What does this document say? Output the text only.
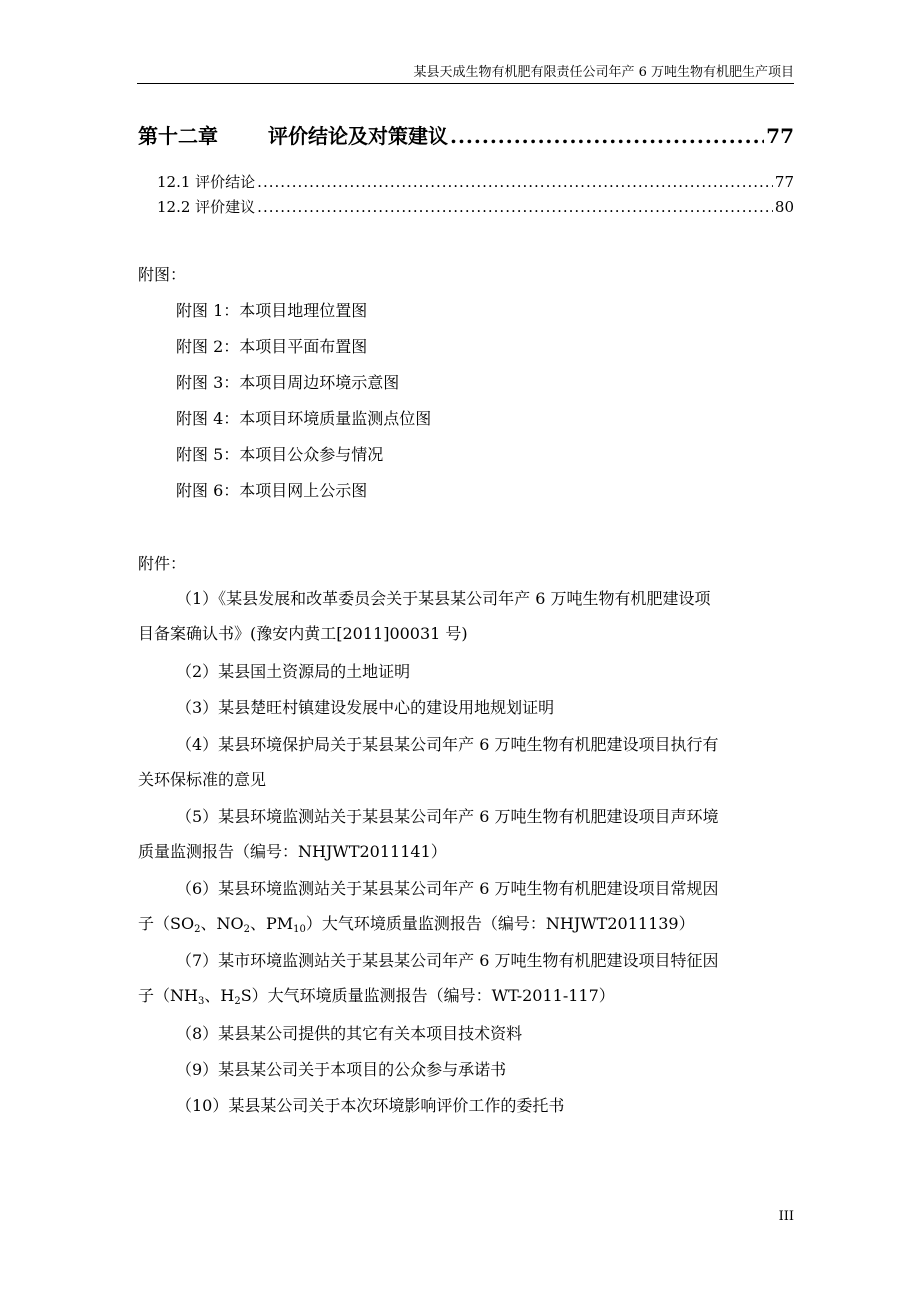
某县天成生物有机肥有限责任公司年产 6 万吨生物有机肥生产项目
第十二章	评价结论及对策建议 .....	77
12.1 评价结论 .....	77
12.2 评价建议 .....	80
附图：
附图 1：本项目地理位置图
附图 2：本项目平面布置图
附图 3：本项目周边环境示意图
附图 4：本项目环境质量监测点位图
附图 5：本项目公众参与情况
附图 6：本项目网上公示图
附件：
（1）《某县发展和改革委员会关于某县某公司年产 6 万吨生物有机肥建设项
目备案确认书》(豫安内黄工[2011]00031 号)
（2）某县国土资源局的土地证明
（3）某县楚旺村镇建设发展中心的建设用地规划证明
（4）某县环境保护局关于某县某公司年产 6 万吨生物有机肥建设项目执行有
关环保标准的意见
（5）某县环境监测站关于某县某公司年产 6 万吨生物有机肥建设项目声环境
质量监测报告（编号：NHJWT2011141）
（6）某县环境监测站关于某县某公司年产 6 万吨生物有机肥建设项目常规因
子（$SO_2$、$NO_2$、$PM_{10}$）大气环境质量监测报告（编号：NHJWT2011139）
（7）某市环境监测站关于某县某公司年产 6 万吨生物有机肥建设项目特征因
子（$NH_3$、$H_2S$）大气环境质量监测报告（编号：WT-2011-117）
（8）某县某公司提供的其它有关本项目技术资料
（9）某县某公司关于本项目的公众参与承诺书
（10）某县某公司关于本次环境影响评价工作的委托书
III
